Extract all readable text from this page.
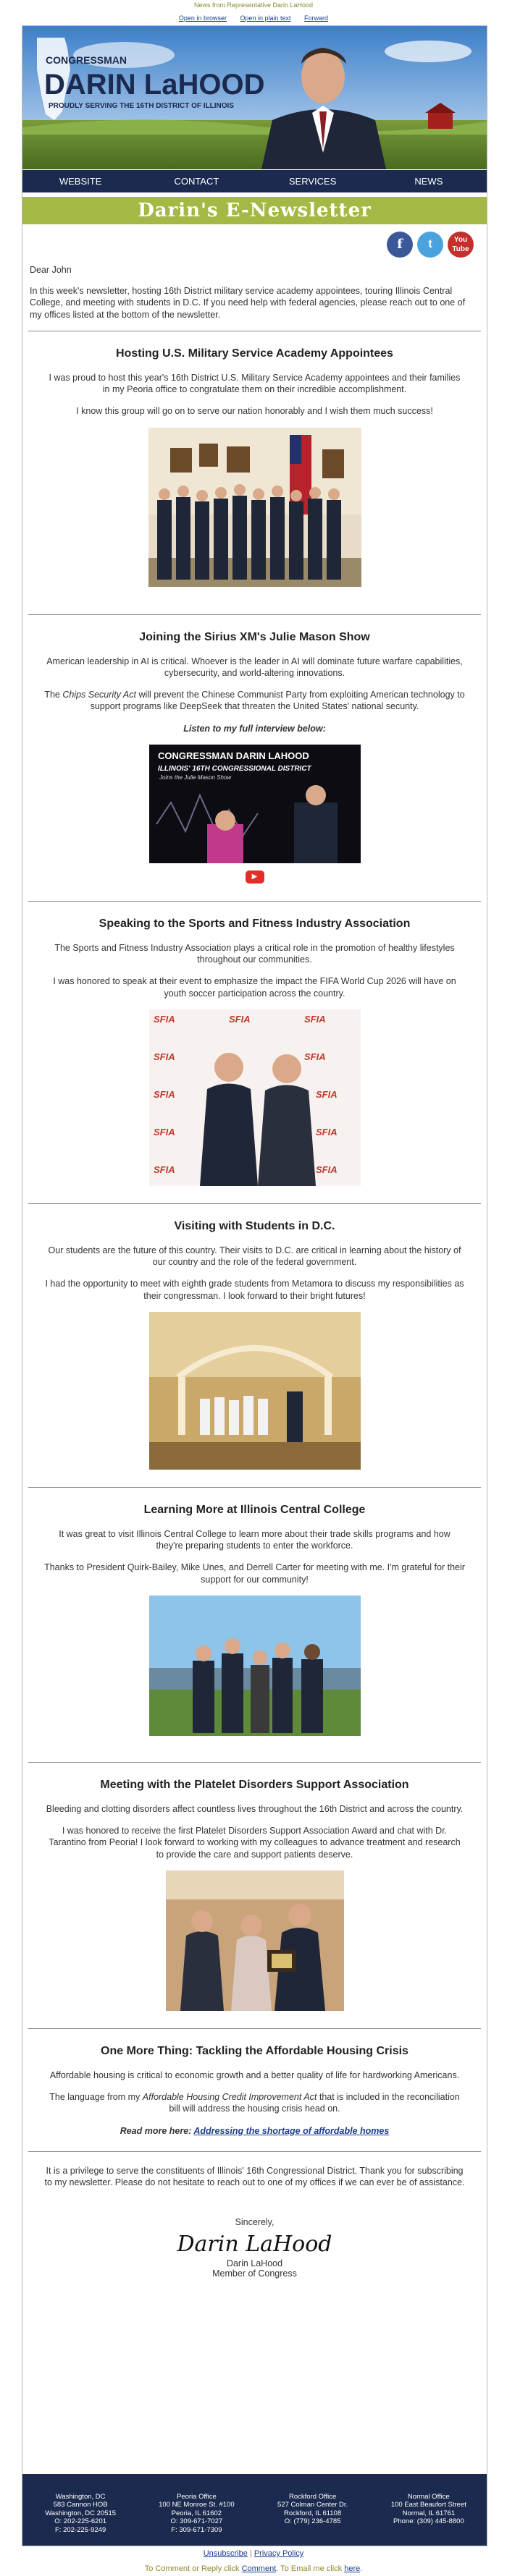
News from Representative Darin LaHood
Open in browser Open in plain text Forward
CONGRESSMAN
DARIN LaHOOD
PROUDLY SERVING THE 16TH DISTRICT OF ILLINOIS
WEBSITE	CONTACT	SERVICES	NEWS
Darin's E-Newsletter
f	t	You Tube
Dear John
In this week's newsletter, hosting 16th District military service academy appointees, touring Illinois Central College, and meeting with students in D.C. If you need help with federal agencies, please reach out to one of my offices listed at the bottom of the newsletter.
Hosting U.S. Military Service Academy Appointees

I was proud to host this year's 16th District U.S. Military Service Academy appointees and their families in my Peoria office to congratulate them on their incredible accomplishment.

I know this group will go on to serve our nation honorably and I wish them much success!

Joining the Sirius XM's Julie Mason Show

American leadership in AI is critical. Whoever is the leader in AI will dominate future warfare capabilities, cybersecurity, and world-altering innovations.

The Chips Security Act will prevent the Chinese Communist Party from exploiting American technology to support programs like DeepSeek that threaten the United States' national security.

Listen to my full interview below:

CONGRESSMAN DARIN LAHOOD
ILLINOIS' 16TH CONGRESSIONAL DISTRICT
Joins the Julie Mason Show
▶
Speaking to the Sports and Fitness Industry Association

The Sports and Fitness Industry Association plays a critical role in the promotion of healthy lifestyles throughout our communities.

I was honored to speak at their event to emphasize the impact the FIFA World Cup 2026 will have on youth soccer participation across the country.

SFIA	SFIA	SFIA
SFIA	SFIA
SFIA	SFIA
SFIA	SFIA
SFIA	SFIA
Visiting with Students in D.C.

Our students are the future of this country. Their visits to D.C. are critical in learning about the history of our country and the role of the federal government.

I had the opportunity to meet with eighth grade students from Metamora to discuss my responsibilities as their congressman. I look forward to their bright futures!

Learning More at Illinois Central College

It was great to visit Illinois Central College to learn more about their trade skills programs and how they're preparing students to enter the workforce.

Thanks to President Quirk-Bailey, Mike Unes, and Derrell Carter for meeting with me. I'm grateful for their support for our community!

Meeting with the Platelet Disorders Support Association

Bleeding and clotting disorders affect countless lives throughout the 16th District and across the country.

I was honored to receive the first Platelet Disorders Support Association Award and chat with Dr. Tarantino from Peoria! I look forward to working with my colleagues to advance treatment and research to provide the care and support patients deserve.

One More Thing: Tackling the Affordable Housing Crisis

Affordable housing is critical to economic growth and a better quality of life for hardworking Americans.

The language from my Affordable Housing Credit Improvement Act that is included in the reconciliation bill will address the housing crisis head on.

Read more here: Addressing the shortage of affordable homes

It is a privilege to serve the constituents of Illinois' 16th Congressional District. Thank you for subscribing to my newsletter. Please do not hesitate to reach out to one of my offices if we can ever be of assistance.

Sincerely,
Darin LaHood
Darin LaHood
Member of Congress
Washington, DC
583 Cannon HOB
Washington, DC 20515
O: 202-225-6201
F: 202-225-9249
Peoria Office
100 NE Monroe St. #100
Peoria, IL 61602
O: 309-671-7027
F: 309-671-7309
Rockford Office
527 Colman Center Dr.
Rockford, IL 61108
O: (779) 236-4785
Normal Office
100 East Beaufort Street
Normal, IL 61761
Phone: (309) 445-8800
Unsubscribe | Privacy Policy
To Comment or Reply click Comment. To Email me click here.
